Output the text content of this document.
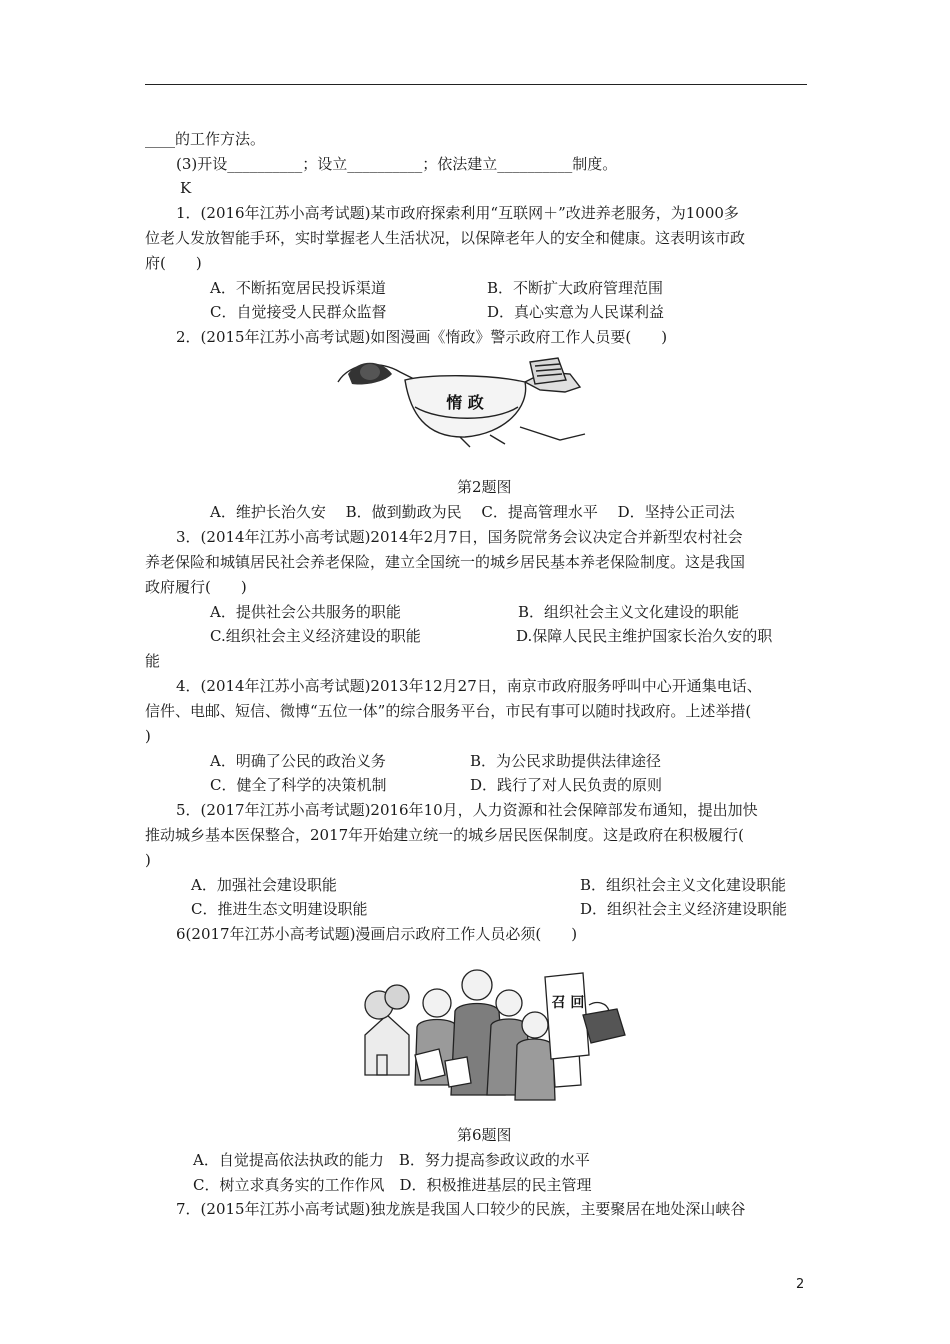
____的工作方法。
(3)开设__________；设立__________；依法建立__________制度。
K
1．(2016年江苏小高考试题)某市政府探索利用“互联网＋”改进养老服务，为1000多
位老人发放智能手环，实时掌握老人生活状况，以保障老年人的安全和健康。这表明该市政
府(　　)
A．不断拓宽居民投诉渠道	B．不断扩大政府管理范围
C．自觉接受人民群众监督	D．真心实意为人民谋利益
2．(2015年江苏小高考试题)如图漫画《惰政》警示政府工作人员要(　　)
惰 政
第2题图
A．维护长治久安　 B．做到勤政为民　 C．提高管理水平　 D．坚持公正司法
3．(2014年江苏小高考试题)2014年2月7日，国务院常务会议决定合并新型农村社会
养老保险和城镇居民社会养老保险，建立全国统一的城乡居民基本养老保险制度。这是我国
政府履行(　　)
A．提供社会公共服务的职能	B．组织社会主义文化建设的职能
C.组织社会主义经济建设的职能	D.保障人民民主维护国家长治久安的职
能
4．(2014年江苏小高考试题)2013年12月27日，南京市政府服务呼叫中心开通集电话、
信件、电邮、短信、微博“五位一体”的综合服务平台，市民有事可以随时找政府。上述举措(
)
A．明确了公民的政治义务	B．为公民求助提供法律途径
C．健全了科学的决策机制	D．践行了对人民负责的原则
5．(2017年江苏小高考试题)2016年10月，人力资源和社会保障部发布通知，提出加快
推动城乡基本医保整合，2017年开始建立统一的城乡居民医保制度。这是政府在积极履行(
)
A．加强社会建设职能	B．组织社会主义文化建设职能
C．推进生态文明建设职能	D．组织社会主义经济建设职能
6(2017年江苏小高考试题)漫画启示政府工作人员必须(　　)
召 回
第6题图
A．自觉提高依法执政的能力　B．努力提高参政议政的水平
C．树立求真务实的工作作风　D．积极推进基层的民主管理
7．(2015年江苏小高考试题)独龙族是我国人口较少的民族，主要聚居在地处深山峡谷
2
